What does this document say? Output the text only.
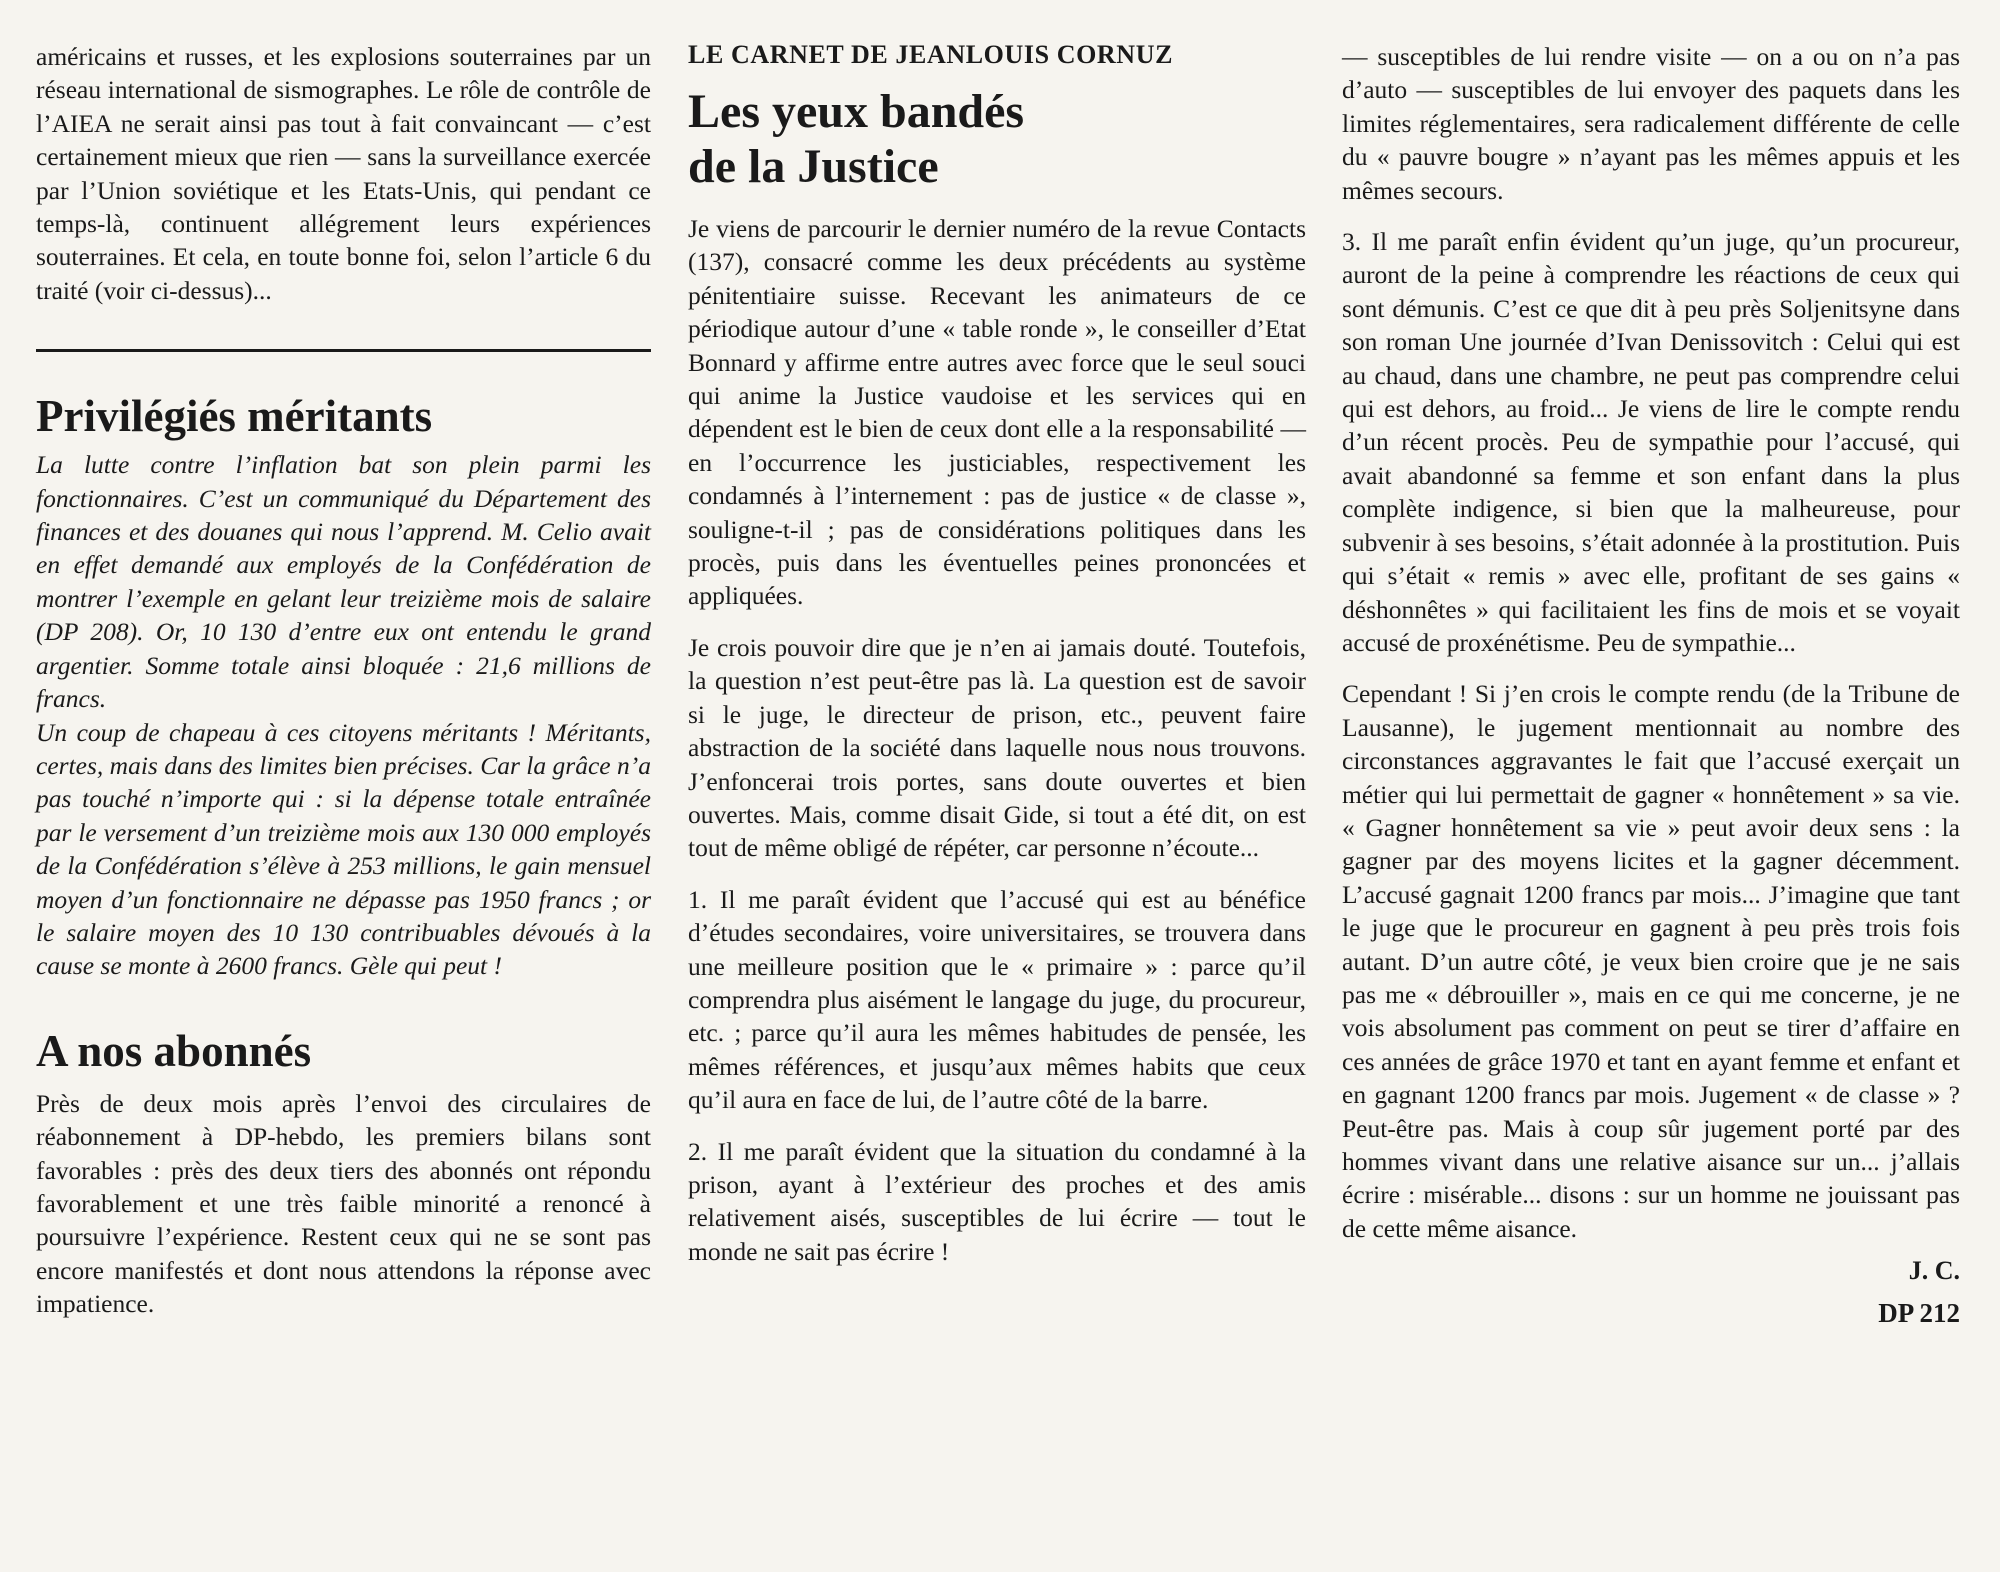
américains et russes, et les explosions souterraines par un réseau international de sismographes. Le rôle de contrôle de l’AIEA ne serait ainsi pas tout à fait convaincant — c’est certainement mieux que rien — sans la surveillance exercée par l’Union soviétique et les Etats-Unis, qui pendant ce temps-là, continuent allégrement leurs expériences souterraines. Et cela, en toute bonne foi, selon l’article 6 du traité (voir ci-dessus)...

Privilégiés méritants

La lutte contre l’inflation bat son plein parmi les fonctionnaires. C’est un communiqué du Département des finances et des douanes qui nous l’apprend. M. Celio avait en effet demandé aux employés de la Confédération de montrer l’exemple en gelant leur treizième mois de salaire (DP 208). Or, 10 130 d’entre eux ont entendu le grand argentier. Somme totale ainsi bloquée : 21,6 millions de francs.

Un coup de chapeau à ces citoyens méritants ! Méritants, certes, mais dans des limites bien précises. Car la grâce n’a pas touché n’importe qui : si la dépense totale entraînée par le versement d’un treizième mois aux 130 000 employés de la Confédération s’élève à 253 millions, le gain mensuel moyen d’un fonctionnaire ne dépasse pas 1950 francs ; or le salaire moyen des 10 130 contribuables dévoués à la cause se monte à 2600 francs. Gèle qui peut !

A nos abonnés

Près de deux mois après l’envoi des circulaires de réabonnement à DP-hebdo, les premiers bilans sont favorables : près des deux tiers des abonnés ont répondu favorablement et une très faible minorité a renoncé à poursuivre l’expérience. Restent ceux qui ne se sont pas encore manifestés et dont nous attendons la réponse avec impatience.

LE CARNET DE JEANLOUIS CORNUZ
Les yeux bandés
de la Justice

Je viens de parcourir le dernier numéro de la revue Contacts (137), consacré comme les deux précédents au système pénitentiaire suisse. Recevant les animateurs de ce périodique autour d’une « table ronde », le conseiller d’Etat Bonnard y affirme entre autres avec force que le seul souci qui anime la Justice vaudoise et les services qui en dépendent est le bien de ceux dont elle a la responsabilité — en l’occurrence les justiciables, respectivement les condamnés à l’internement : pas de justice « de classe », souligne-t-il ; pas de considérations politiques dans les procès, puis dans les éventuelles peines prononcées et appliquées.

Je crois pouvoir dire que je n’en ai jamais douté. Toutefois, la question n’est peut-être pas là. La question est de savoir si le juge, le directeur de prison, etc., peuvent faire abstraction de la société dans laquelle nous nous trouvons. J’enfoncerai trois portes, sans doute ouvertes et bien ouvertes. Mais, comme disait Gide, si tout a été dit, on est tout de même obligé de répéter, car personne n’écoute...

1. Il me paraît évident que l’accusé qui est au bénéfice d’études secondaires, voire universitaires, se trouvera dans une meilleure position que le « primaire » : parce qu’il comprendra plus aisément le langage du juge, du procureur, etc. ; parce qu’il aura les mêmes habitudes de pensée, les mêmes références, et jusqu’aux mêmes habits que ceux qu’il aura en face de lui, de l’autre côté de la barre.

2. Il me paraît évident que la situation du condamné à la prison, ayant à l’extérieur des proches et des amis relativement aisés, susceptibles de lui écrire — tout le monde ne sait pas écrire !

— susceptibles de lui rendre visite — on a ou on n’a pas d’auto — susceptibles de lui envoyer des paquets dans les limites réglementaires, sera radicalement différente de celle du « pauvre bougre » n’ayant pas les mêmes appuis et les mêmes secours.

3. Il me paraît enfin évident qu’un juge, qu’un procureur, auront de la peine à comprendre les réactions de ceux qui sont démunis. C’est ce que dit à peu près Soljenitsyne dans son roman Une journée d’Ivan Denissovitch : Celui qui est au chaud, dans une chambre, ne peut pas comprendre celui qui est dehors, au froid... Je viens de lire le compte rendu d’un récent procès. Peu de sympathie pour l’accusé, qui avait abandonné sa femme et son enfant dans la plus complète indigence, si bien que la malheureuse, pour subvenir à ses besoins, s’était adonnée à la prostitution. Puis qui s’était « remis » avec elle, profitant de ses gains « déshonnêtes » qui facilitaient les fins de mois et se voyait accusé de proxénétisme. Peu de sympathie...

Cependant ! Si j’en crois le compte rendu (de la Tribune de Lausanne), le jugement mentionnait au nombre des circonstances aggravantes le fait que l’accusé exerçait un métier qui lui permettait de gagner « honnêtement » sa vie. « Gagner honnêtement sa vie » peut avoir deux sens : la gagner par des moyens licites et la gagner décemment. L’accusé gagnait 1200 francs par mois... J’imagine que tant le juge que le procureur en gagnent à peu près trois fois autant. D’un autre côté, je veux bien croire que je ne sais pas me « débrouiller », mais en ce qui me concerne, je ne vois absolument pas comment on peut se tirer d’affaire en ces années de grâce 1970 et tant en ayant femme et enfant et en gagnant 1200 francs par mois. Jugement « de classe » ? Peut-être pas. Mais à coup sûr jugement porté par des hommes vivant dans une relative aisance sur un... j’allais écrire : misérable... disons : sur un homme ne jouissant pas de cette même aisance.

J. C.
DP 212
